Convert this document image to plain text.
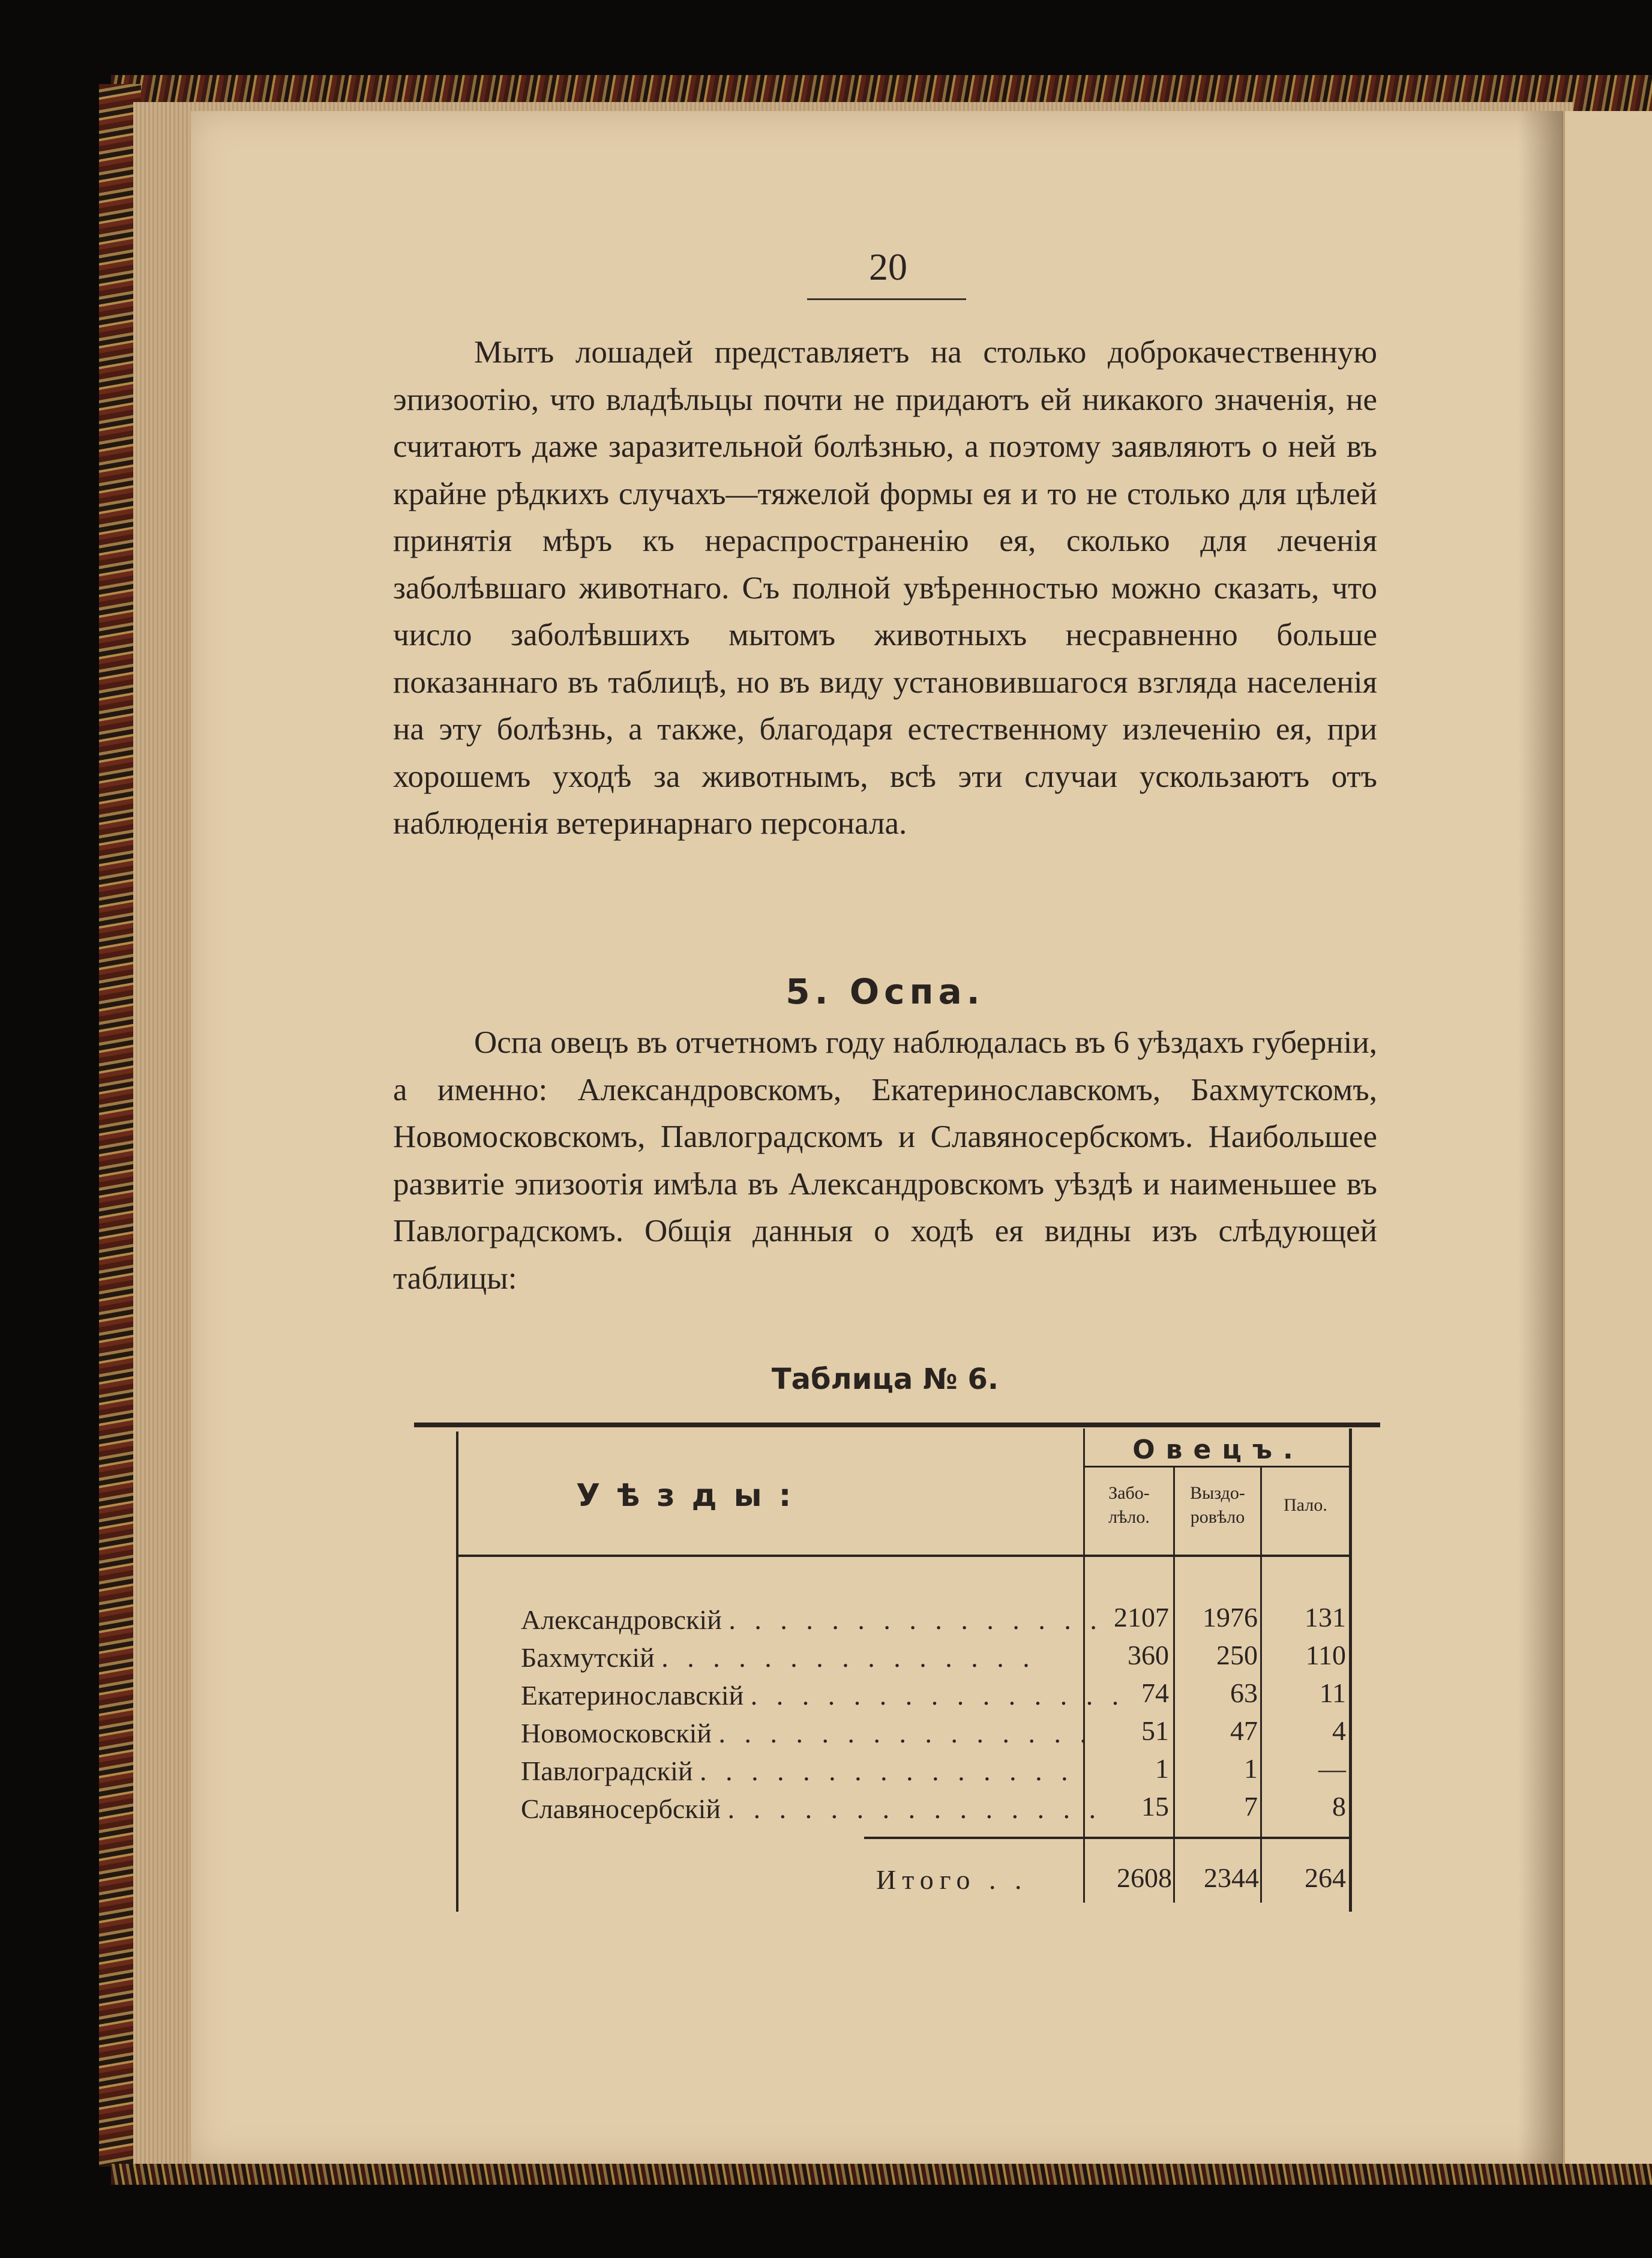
20

Мытъ лошадей представляетъ на столько доброкачественную эпизоотію, что владѣльцы почти не придаютъ ей никакого значенія, не считаютъ даже заразительной болѣзнью, а поэтому заявляютъ о ней въ крайне рѣдкихъ случахъ—тяжелой формы ея и то не столько для цѣлей принятія мѣръ къ нераспространенію ея, сколько для леченія заболѣвшаго животнаго. Съ полной увѣренностью можно сказать, что число заболѣвшихъ мытомъ животныхъ несравненно больше показаннаго въ таблицѣ, но въ виду установившагося взгляда населенія на эту болѣзнь, а также, благодаря естественному излеченію ея, при хорошемъ уходѣ за животнымъ, всѣ эти случаи ускользаютъ отъ наблюденія ветеринарнаго персонала.

5. Оспа.

Оспа овецъ въ отчетномъ году наблюдалась въ 6 уѣздахъ губерніи, а именно: Александровскомъ, Екатеринославскомъ, Бахмутскомъ, Новомосковскомъ, Павлоградскомъ и Славяносербскомъ. Наибольшее развитіе эпизоотія имѣла въ Александровскомъ уѣздѣ и наименьшее въ Павлоградскомъ. Общія данныя о ходѣ ея видны изъ слѣдующей таблицы:

Таблица № 6.
Уѣзды:
Овецъ.
Забо-
лѣло.
Выздо-
ровѣло
Пало.
Александровскій . . . . . . . . . . . . . . . 2107	1976	131
Бахмутскій . . . . . . . . . . . . . . .	360	250	110
Екатеринославскій . . . . . . . . . . . . . . . 74	63	11
Новомосковскій . . . . . . . . . . . . . . .	51	47	4
Павлоградскій . . . . . . . . . . . . . . .	1	1	—
Славяносербскій . . . . . . . . . . . . . . .	15	7	8
Итого . .	2608	2344	264
